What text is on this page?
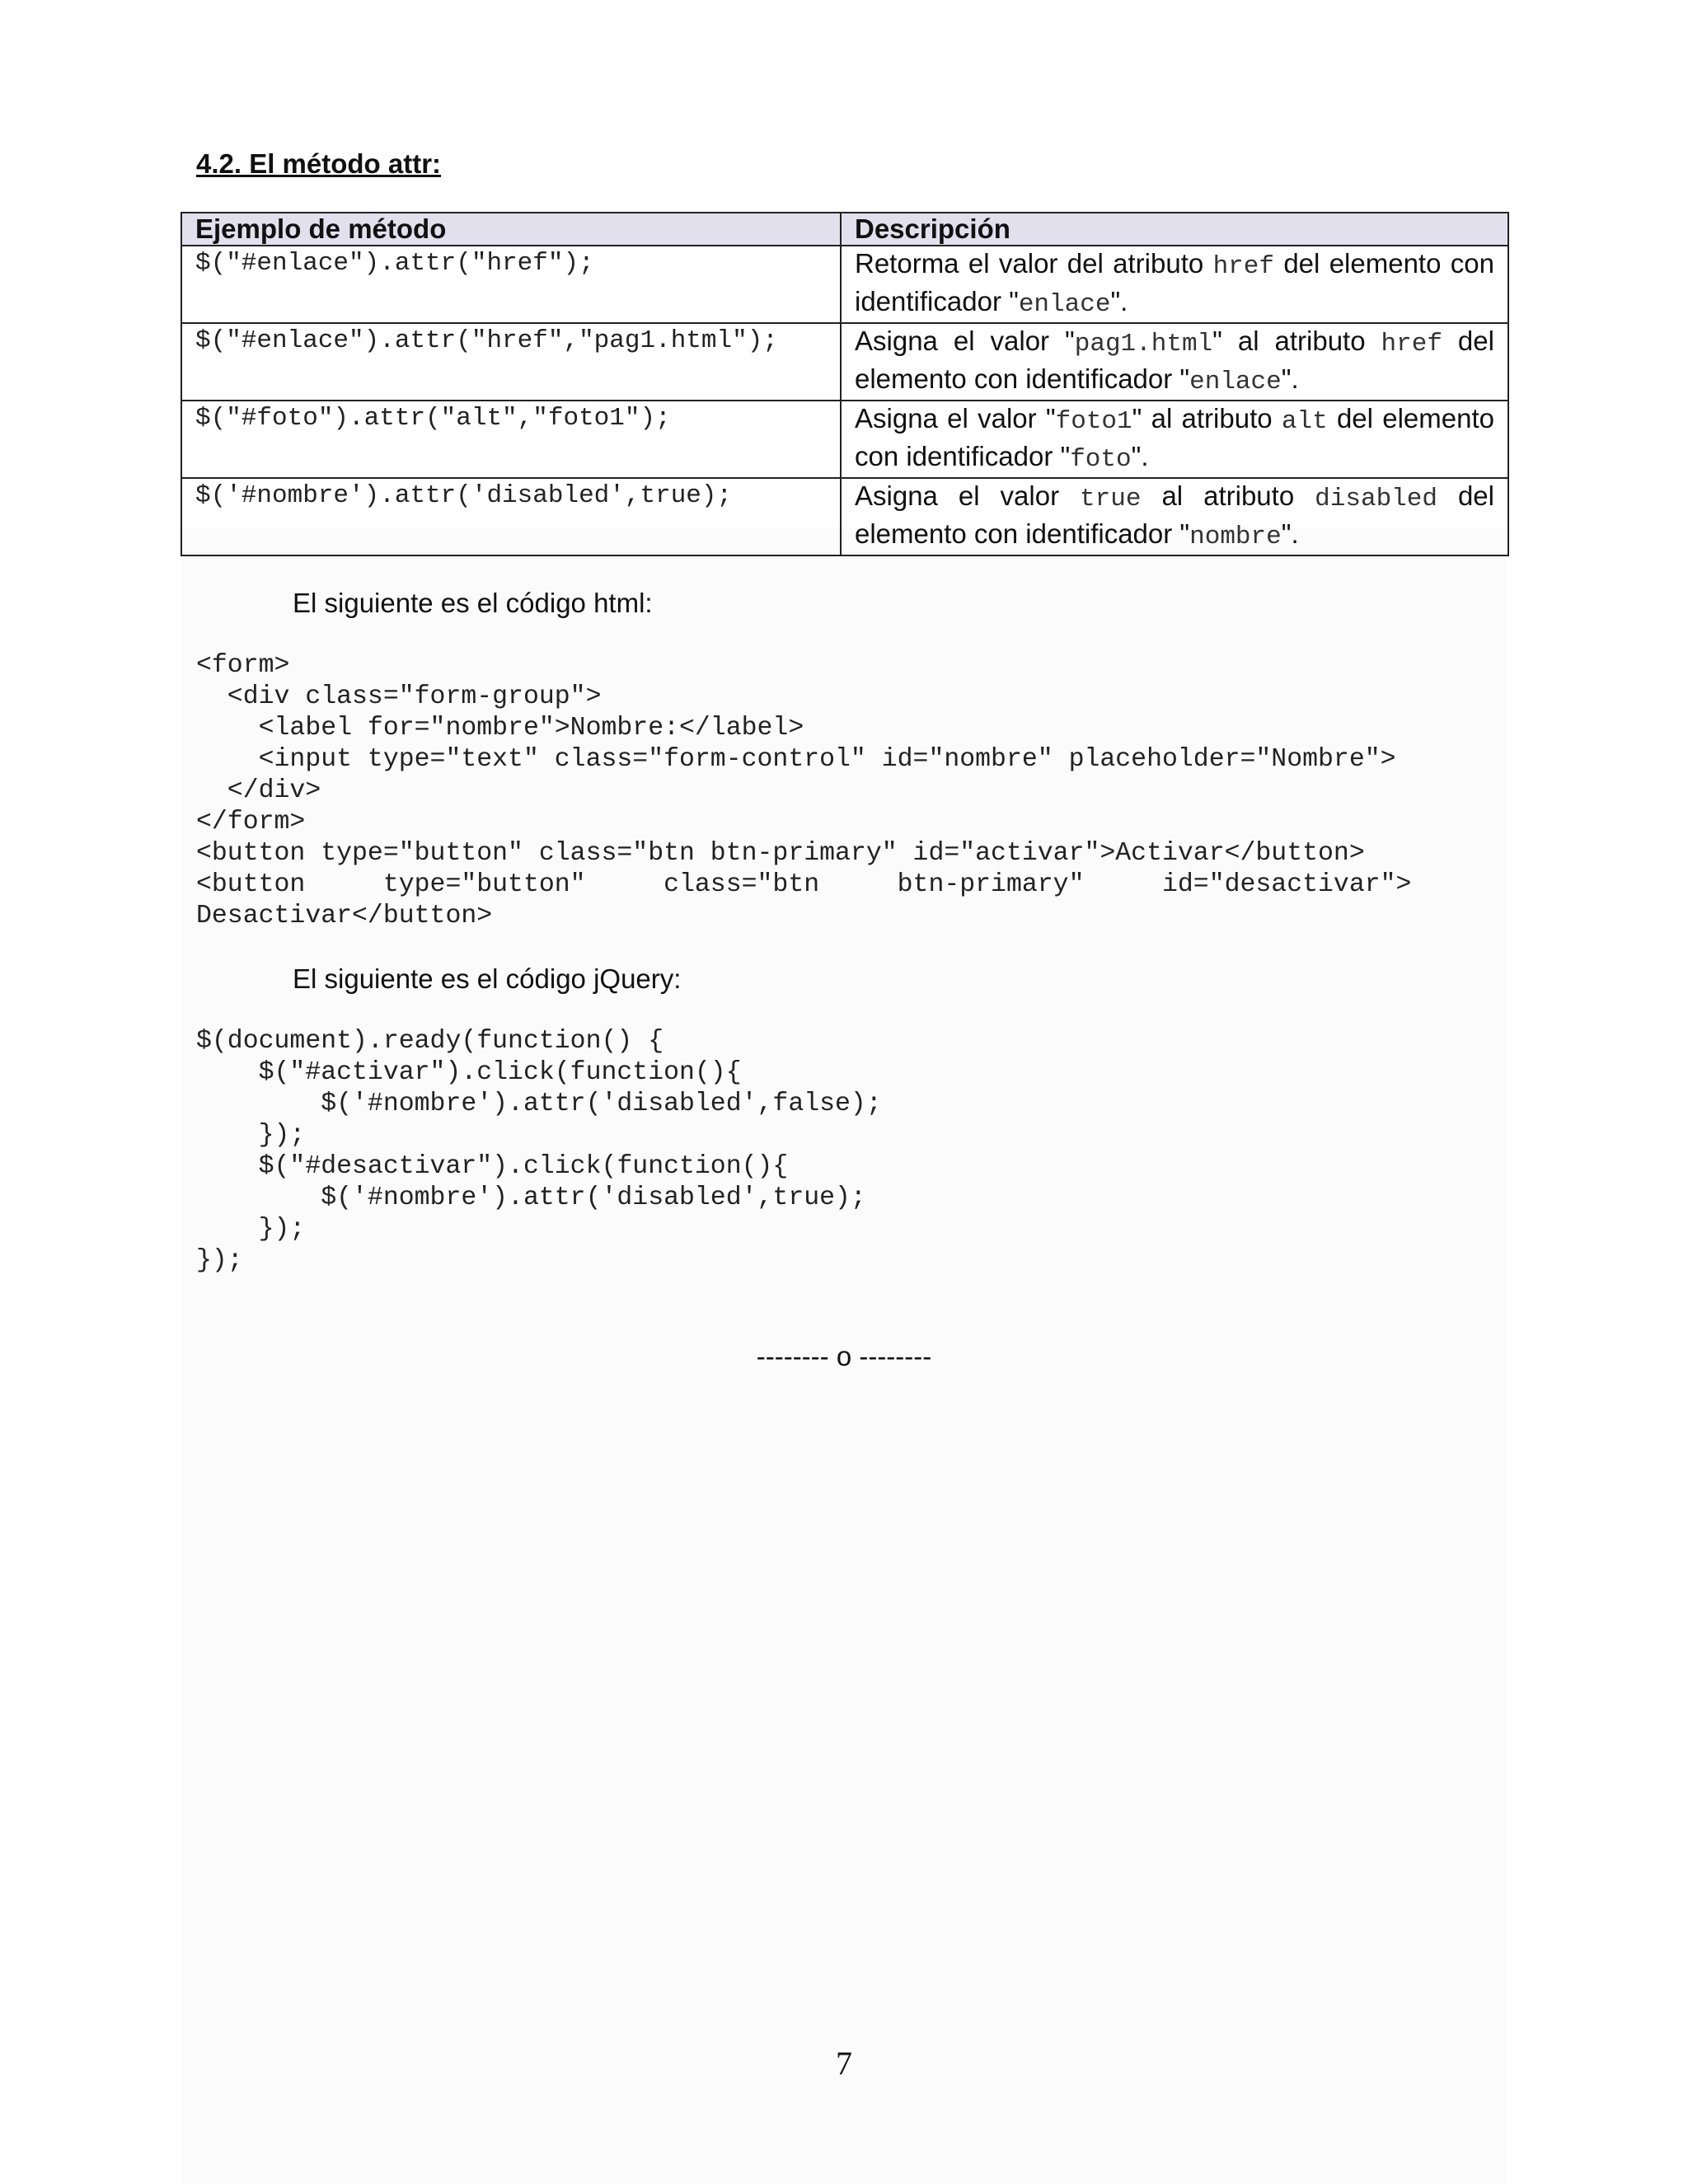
4.2. El método attr:
Ejemplo de método	Descripción
$("#enlace").attr("href");	Retorma el valor del atributo href del elemento con identificador "enlace".
$("#enlace").attr("href","pag1.html");	Asigna el valor "pag1.html" al atributo href del elemento con identificador "enlace".
$("#foto").attr("alt","foto1");	Asigna el valor "foto1" al atributo alt del elemento con identificador "foto".
$('#nombre').attr('disabled',true);	Asigna el valor true al atributo disabled del elemento con identificador "nombre".

El siguiente es el código html:

<form>
<div class="form-group">
<label for="nombre">Nombre:</label>
<input type="text" class="form-control" id="nombre" placeholder="Nombre">
</div>
</form>
<button type="button" class="btn btn-primary" id="activar">Activar</button>
<button     type="button"     class="btn     btn-primary"     id="desactivar">
Desactivar</button>

El siguiente es el código jQuery:

$(document).ready(function() {
$("#activar").click(function(){
$('#nombre').attr('disabled',false);
});
$("#desactivar").click(function(){
$('#nombre').attr('disabled',true);
});
});
-------- o --------
7
